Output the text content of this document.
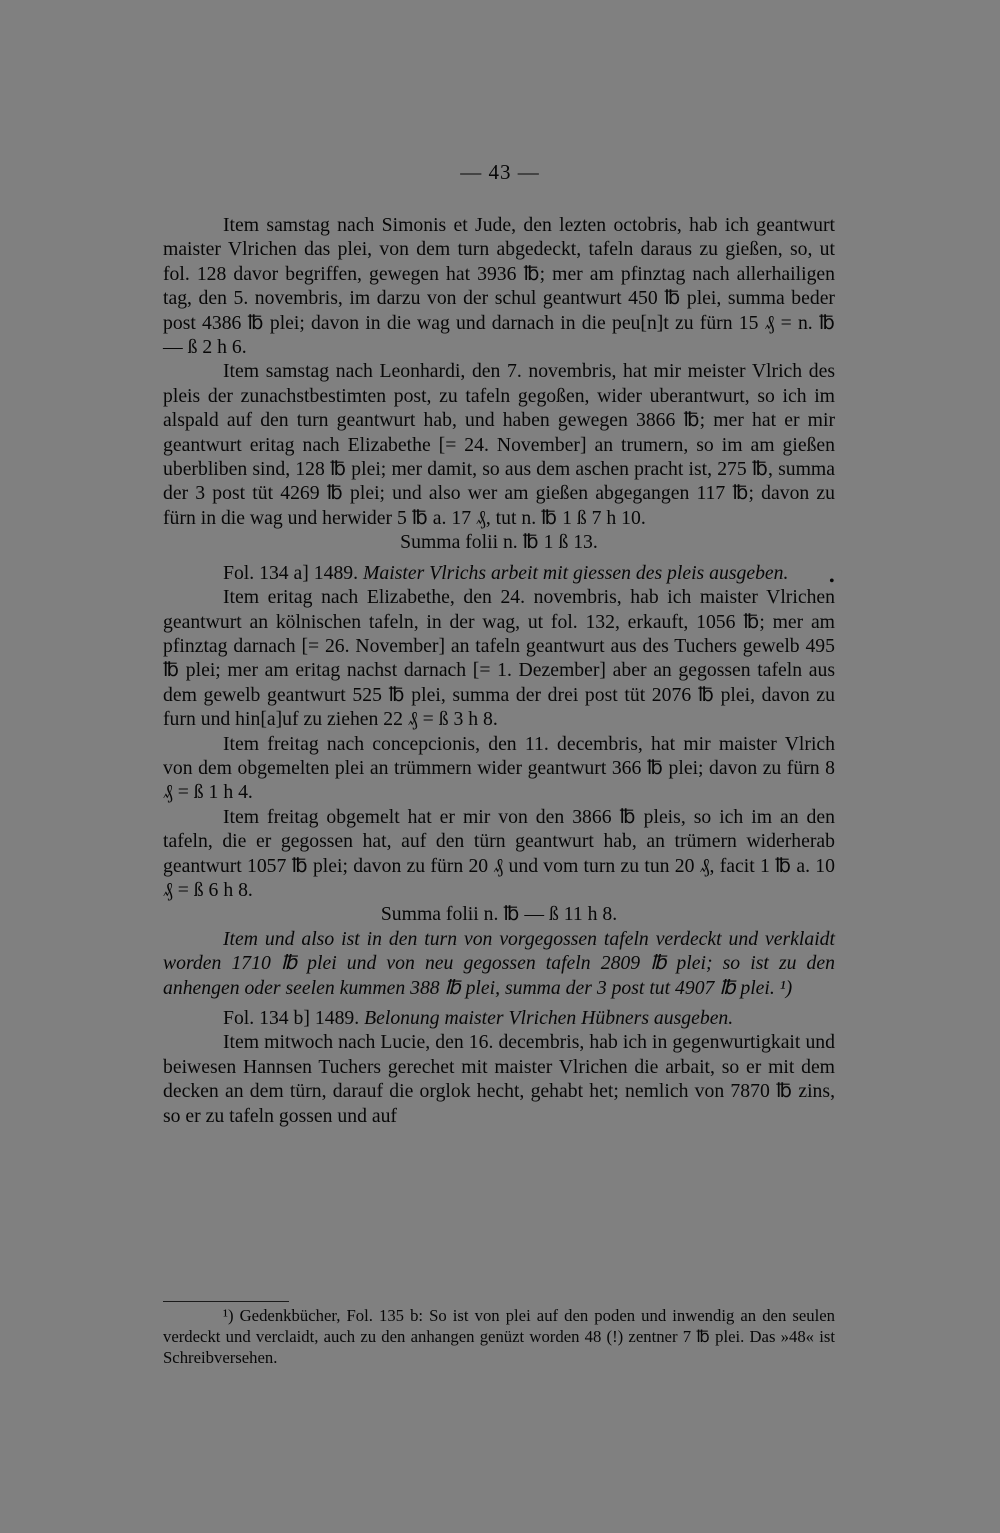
— 43 —

Item samstag nach Simonis et Jude, den lezten octobris, hab ich geantwurt maister Vlrichen das plei, von dem turn abgedeckt, tafeln daraus zu gießen, so, ut fol. 128 davor begriffen, gewegen hat 3936 ℔; mer am pfinztag nach allerhailigen tag, den 5. novembris, im darzu von der schul geantwurt 450 ℔ plei, summa beder post 4386 ℔ plei; davon in die wag und darnach in die peu[n]t zu fürn 15 ₰ = n. ℔ — ß 2 h 6.

Item samstag nach Leonhardi, den 7. novembris, hat mir meister Vlrich des pleis der zunachstbestimten post, zu tafeln gegoßen, wider uberantwurt, so ich im alspald auf den turn geantwurt hab, und haben gewegen 3866 ℔; mer hat er mir geantwurt eritag nach Elizabethe [= 24. November] an trumern, so im am gießen uberbliben sind, 128 ℔ plei; mer damit, so aus dem aschen pracht ist, 275 ℔, summa der 3 post tüt 4269 ℔ plei; und also wer am gießen abgegangen 117 ℔; davon zu fürn in die wag und herwider 5 ℔ a. 17 ₰, tut n. ℔ 1 ß 7 h 10.

Summa folii n. ℔ 1 ß 13.

Fol. 134 a] 1489. Maister Vlrichs arbeit mit giessen des pleis ausgeben.

Item eritag nach Elizabethe, den 24. novembris, hab ich maister Vlrichen geantwurt an kölnischen tafeln, in der wag, ut fol. 132, erkauft, 1056 ℔; mer am pfinztag darnach [= 26. November] an tafeln geantwurt aus des Tuchers gewelb 495 ℔ plei; mer am eritag nachst darnach [= 1. Dezember] aber an gegossen tafeln aus dem gewelb geantwurt 525 ℔ plei, summa der drei post tüt 2076 ℔ plei, davon zu furn und hin[a]uf zu ziehen 22 ₰ = ß 3 h 8.

Item freitag nach concepcionis, den 11. decembris, hat mir maister Vlrich von dem obgemelten plei an trümmern wider geantwurt 366 ℔ plei; davon zu fürn 8 ₰ = ß 1 h 4.

Item freitag obgemelt hat er mir von den 3866 ℔ pleis, so ich im an den tafeln, die er gegossen hat, auf den türn geantwurt hab, an trümern widerherab geantwurt 1057 ℔ plei; davon zu fürn 20 ₰ und vom turn zu tun 20 ₰, facit 1 ℔ a. 10 ₰ = ß 6 h 8.

Summa folii n. ℔ — ß 11 h 8.

Item und also ist in den turn von vorgegossen tafeln verdeckt und verklaidt worden 1710 ℔ plei und von neu gegossen tafeln 2809 ℔ plei; so ist zu den anhengen oder seelen kummen 388 ℔ plei, summa der 3 post tut 4907 ℔ plei. ¹)

Fol. 134 b] 1489. Belonung maister Vlrichen Hübners ausgeben.

Item mitwoch nach Lucie, den 16. decembris, hab ich in gegenwurtigkait und beiwesen Hannsen Tuchers gerechet mit maister Vlrichen die arbait, so er mit dem decken an dem türn, darauf die orglok hecht, gehabt het; nemlich von 7870 ℔ zins, so er zu tafeln gossen und auf

•

¹) Gedenkbücher, Fol. 135 b: So ist von plei auf den poden und inwendig an den seulen verdeckt und verclaidt, auch zu den anhangen genüzt worden 48 (!) zentner 7 ℔ plei. Das »48« ist Schreibversehen.
